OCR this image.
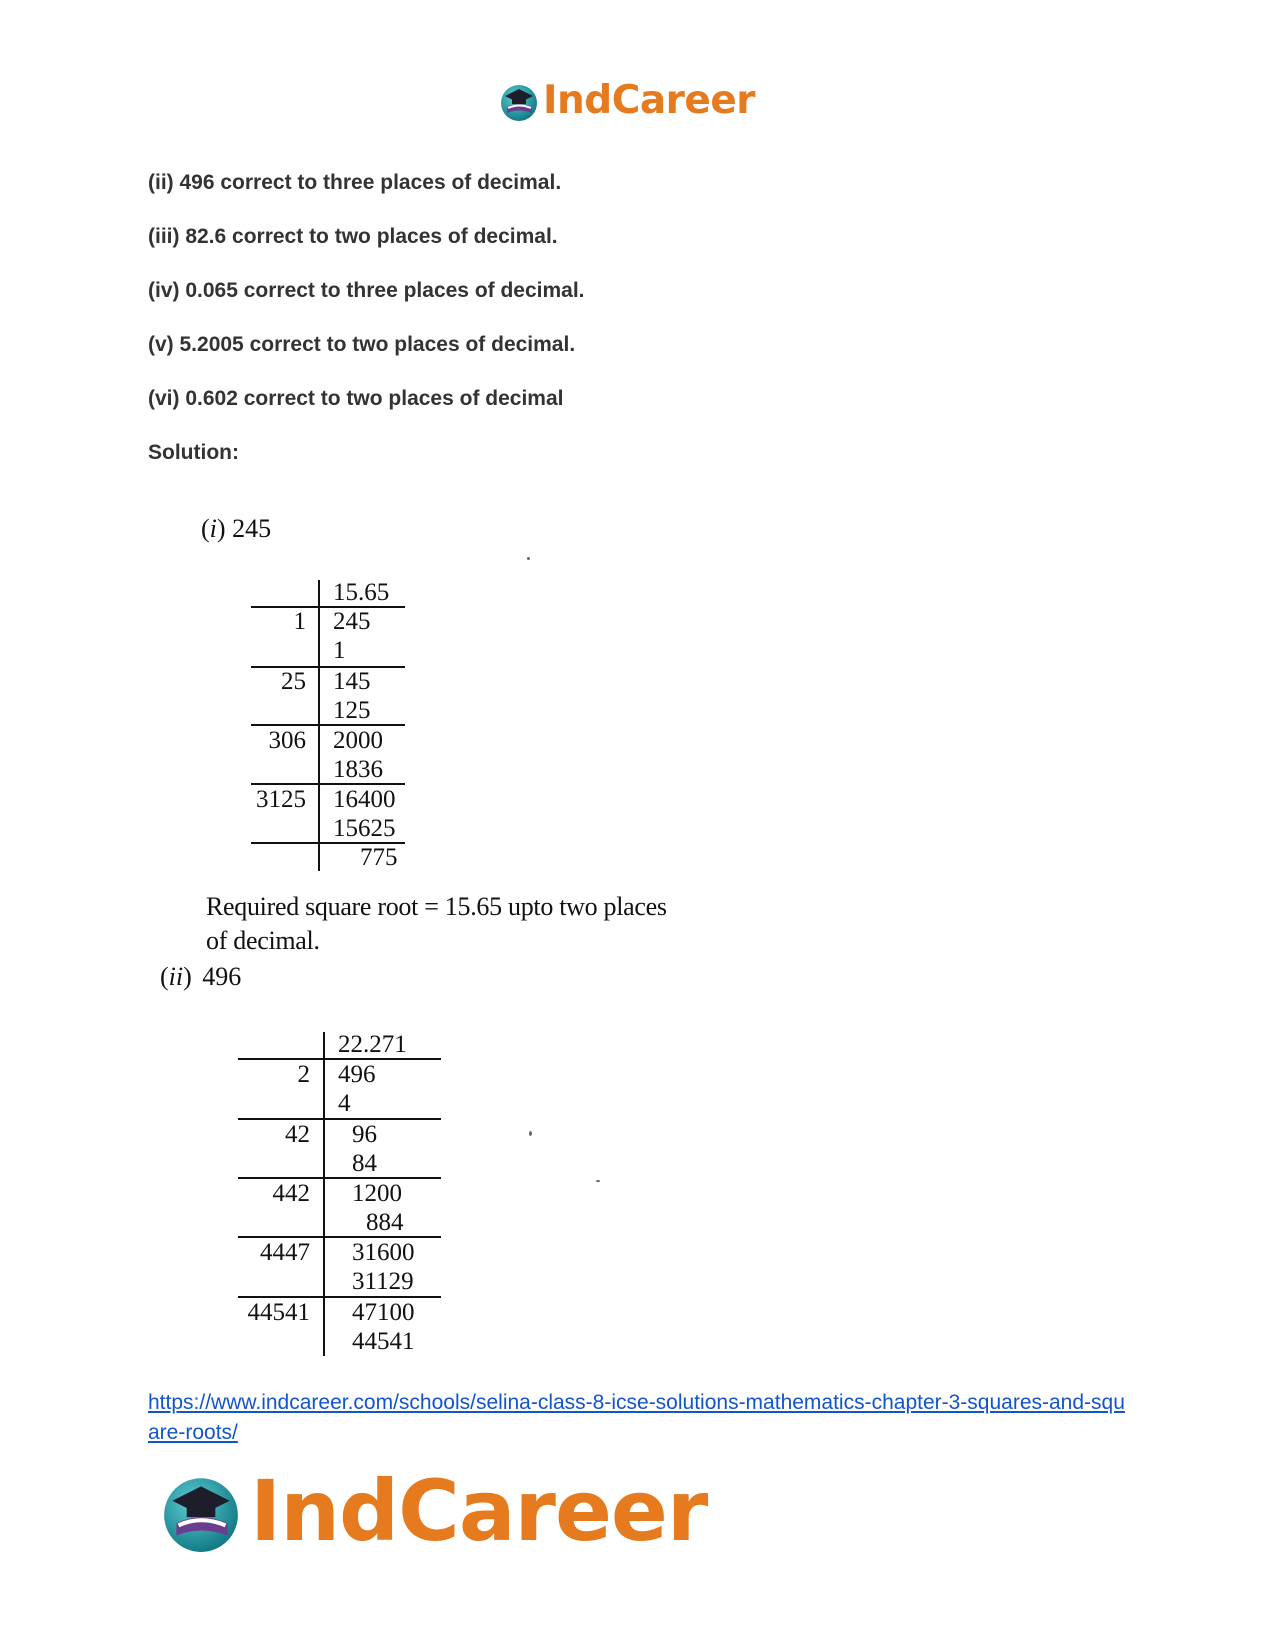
IndCareer

(ii) 496 correct to three places of decimal.

(iii) 82.6 correct to two places of decimal.

(iv) 0.065 correct to three places of decimal.

(v) 5.2005 correct to two places of decimal.

(vi) 0.602 correct to two places of decimal

Solution:

(i) 245
15.65
1 245
1
25 145
125
306 2000
1836
3125 16400
15625
775
Required square root = 15.65 upto two places
of decimal.
(ii) 496
22.271
2 496
4
42 96
84
442 1200
884
4447 31600
31129
44541 47100
44541
https://www.indcareer.com/schools/selina-class-8-icse-solutions-mathematics-chapter-3-squares-and-square-roots/
IndCareer
